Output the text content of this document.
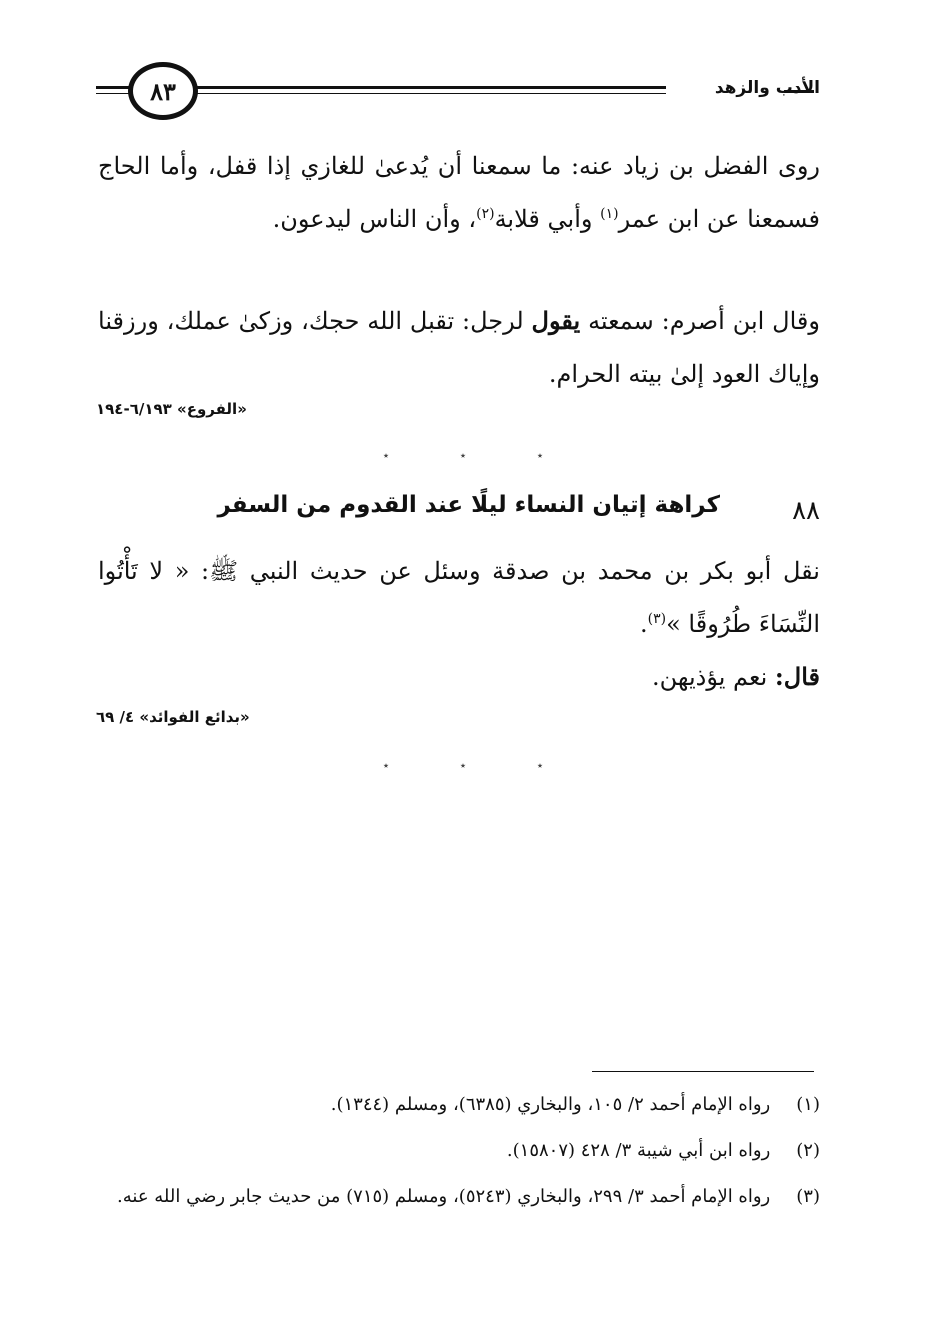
٨٣	الأدب والزهد

روى الفضل بن زياد عنه: ما سمعنا أن يُدعىٰ للغازي إذا قفل، وأما الحاج فسمعنا عن ابن عمر$^{(١)}$ وأبي قلابة$^{(٢)}$، وأن الناس ليدعون.

وقال ابن أصرم: سمعته يقول لرجل: تقبل الله حجك، وزكىٰ عملك، ورزقنا وإياك العود إلىٰ بيته الحرام.

«الفروع» ٦/١٩٣-١٩٤
٭	٭	٭
٨٨
كراهة إتيان النساء ليلًا عند القدوم من السفر

نقل أبو بكر بن محمد بن صدقة وسئل عن حديث النبي ﷺ: « لا تَأْتُوا النِّسَاءَ طُرُوقًا »$^{(٣)}$.

قال: نعم يؤذيهن.

«بدائع الفوائد» ٤/ ٦٩
٭	٭	٭

(١) رواه الإمام أحمد ٢/ ١٠٥، والبخاري (٦٣٨٥)، ومسلم (١٣٤٤).

(٢) رواه ابن أبي شيبة ٣/ ٤٢٨ (١٥٨٠٧).

(٣) رواه الإمام أحمد ٣/ ٢٩٩، والبخاري (٥٢٤٣)، ومسلم (٧١٥) من حديث جابر رضي الله عنه.
